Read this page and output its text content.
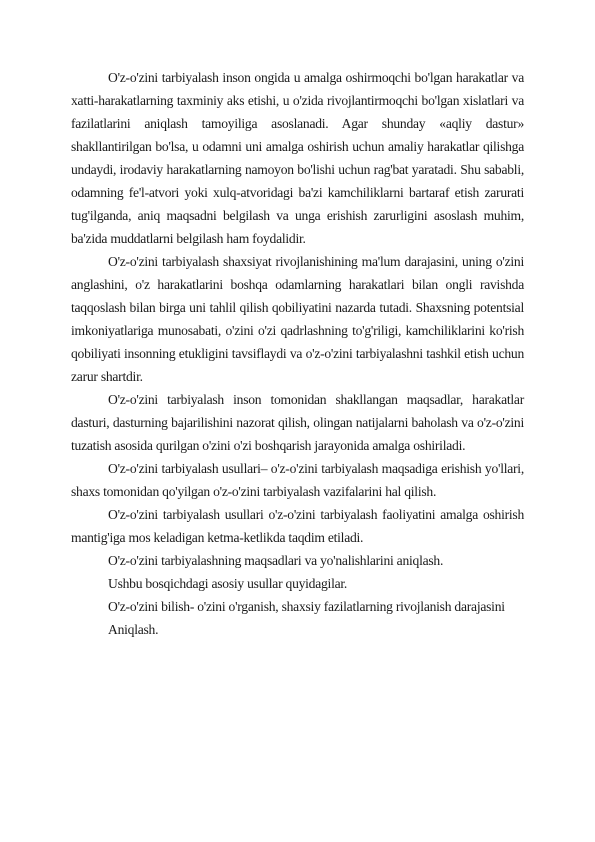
O'z-o'zini tarbiyalash inson ongida u amalga oshirmoqchi bo'lgan harakatlar va xatti-harakatlarning taxminiy aks etishi, u o'zida rivojlantirmoqchi bo'lgan xislatlari va fazilatlarini aniqlash tamoyiliga asoslanadi. Agar shunday «aqliy dastur» shakllantirilgan bo'lsa, u odamni uni amalga oshirish uchun amaliy harakatlar qilishga undaydi, irodaviy harakatlarning namoyon bo'lishi uchun rag'bat yaratadi. Shu sababli, odamning fe'l-atvori yoki xulq-atvoridagi ba'zi kamchiliklarni bartaraf etish zarurati tug'ilganda, aniq maqsadni belgilash va unga erishish zarurligini asoslash muhim, ba'zida muddatlarni belgilash ham foydalidir.

O'z-o'zini tarbiyalash shaxsiyat rivojlanishining ma'lum darajasini, uning o'zini anglashini, o'z harakatlarini boshqa odamlarning harakatlari bilan ongli ravishda taqqoslash bilan birga uni tahlil qilish qobiliyatini nazarda tutadi. Shaxsning potentsial imkoniyatlariga munosabati, o'zini o'zi qadrlashning to'g'riligi, kamchiliklarini ko'rish qobiliyati insonning etukligini tavsiflaydi va o'z-o'zini tarbiyalashni tashkil etish uchun zarur shartdir.

O'z-o'zini tarbiyalash inson tomonidan shakllangan maqsadlar, harakatlar dasturi, dasturning bajarilishini nazorat qilish, olingan natijalarni baholash va o'z-o'zini tuzatish asosida qurilgan o'zini o'zi boshqarish jarayonida amalga oshiriladi.

O'z-o'zini tarbiyalash usullari– o'z-o'zini tarbiyalash maqsadiga erishish yo'llari, shaxs tomonidan qo'yilgan o'z-o'zini tarbiyalash vazifalarini hal qilish.

O'z-o'zini tarbiyalash usullari o'z-o'zini tarbiyalash faoliyatini amalga oshirish mantig'iga mos keladigan ketma-ketlikda taqdim etiladi.

O'z-o'zini tarbiyalashning maqsadlari va yo'nalishlarini aniqlash.

Ushbu bosqichdagi asosiy usullar quyidagilar.

O'z-o'zini bilish- o'zini o'rganish, shaxsiy fazilatlarning rivojlanish darajasini

Aniqlash.
